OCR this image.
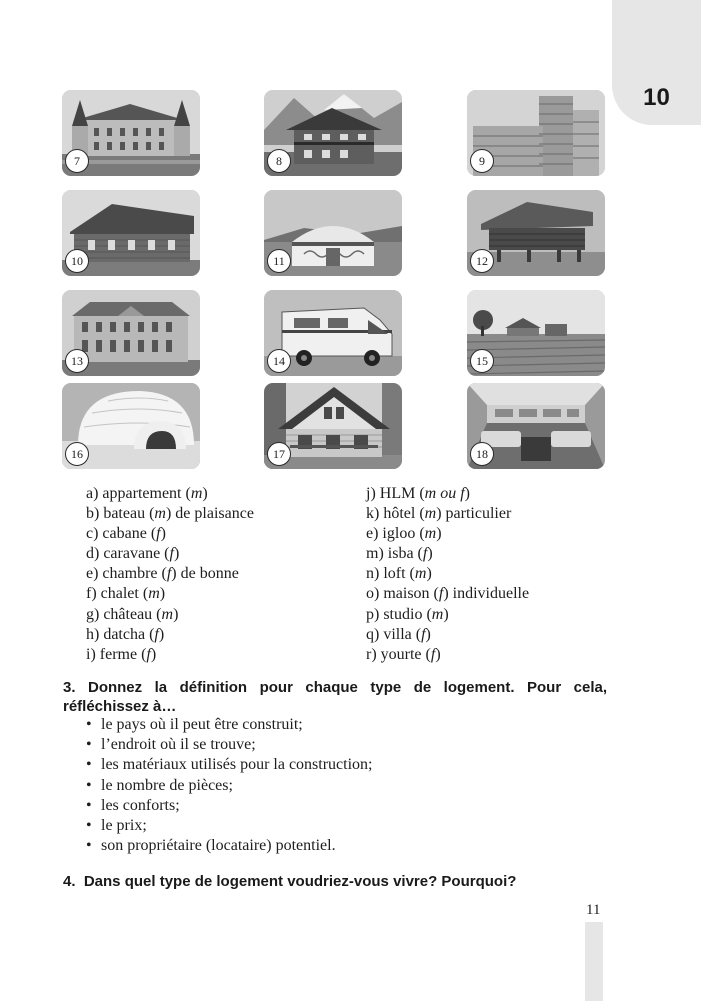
10
7	8	9
10	11	12
13	14	15
16	17	18
a) appartement (m)
b) bateau (m) de plaisance
c) cabane (f)
d) caravane (f)
e) chambre (f) de bonne
f) chalet (m)
g) château (m)
h) datcha (f)
i) ferme (f)
j) HLM (m ou f)
k) hôtel (m) particulier
e) igloo (m)
m) isba (f)
n) loft (m)
o) maison (f) individuelle
p) studio (m)
q) villa (f)
r) yourte (f)
3. Donnez la définition pour chaque type de logement. Pour cela,
réfléchissez à…
• le pays où il peut être construit;
• l’endroit où il se trouve;
• les matériaux utilisés pour la construction;
• le nombre de pièces;
• les conforts;
• le prix;
• son propriétaire (locataire) potentiel.
4.  Dans quel type de logement voudriez-vous vivre? Pourquoi?
11
